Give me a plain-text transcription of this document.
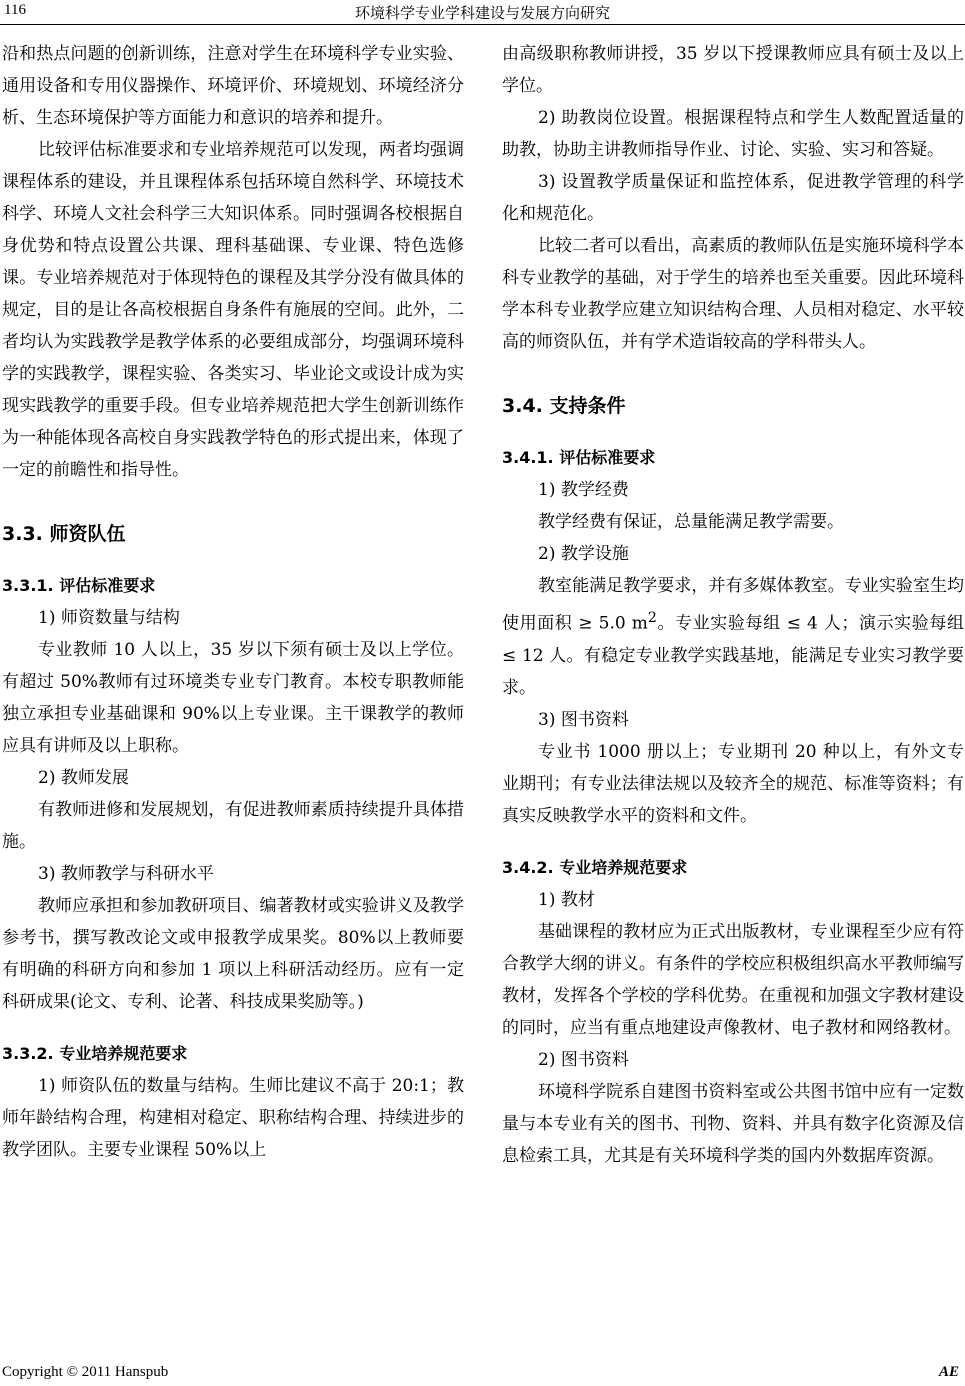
116	环境科学专业学科建设与发展方向研究

沿和热点问题的创新训练，注意对学生在环境科学专业实验、通用设备和专用仪器操作、环境评价、环境规划、环境经济分析、生态环境保护等方面能力和意识的培养和提升。

比较评估标准要求和专业培养规范可以发现，两者均强调课程体系的建设，并且课程体系包括环境自然科学、环境技术科学、环境人文社会科学三大知识体系。同时强调各校根据自身优势和特点设置公共课、理科基础课、专业课、特色选修课。专业培养规范对于体现特色的课程及其学分没有做具体的规定，目的是让各高校根据自身条件有施展的空间。此外，二者均认为实践教学是教学体系的必要组成部分，均强调环境科学的实践教学，课程实验、各类实习、毕业论文或设计成为实现实践教学的重要手段。但专业培养规范把大学生创新训练作为一种能体现各高校自身实践教学特色的形式提出来，体现了一定的前瞻性和指导性。

3.3. 师资队伍
3.3.1. 评估标准要求

1) 师资数量与结构

专业教师 10 人以上，35 岁以下须有硕士及以上学位。有超过 50%教师有过环境类专业专门教育。本校专职教师能独立承担专业基础课和 90%以上专业课。主干课教学的教师应具有讲师及以上职称。

2) 教师发展

有教师进修和发展规划，有促进教师素质持续提升具体措施。

3) 教师教学与科研水平

教师应承担和参加教研项目、编著教材或实验讲义及教学参考书，撰写教改论文或申报教学成果奖。80%以上教师要有明确的科研方向和参加 1 项以上科研活动经历。应有一定科研成果(论文、专利、论著、科技成果奖励等。)

3.3.2. 专业培养规范要求

1) 师资队伍的数量与结构。生师比建议不高于 20:1；教师年龄结构合理，构建相对稳定、职称结构合理、持续进步的教学团队。主要专业课程 50%以上

由高级职称教师讲授，35 岁以下授课教师应具有硕士及以上学位。

2) 助教岗位设置。根据课程特点和学生人数配置适量的助教，协助主讲教师指导作业、讨论、实验、实习和答疑。

3) 设置教学质量保证和监控体系，促进教学管理的科学化和规范化。

比较二者可以看出，高素质的教师队伍是实施环境科学本科专业教学的基础，对于学生的培养也至关重要。因此环境科学本科专业教学应建立知识结构合理、人员相对稳定、水平较高的师资队伍，并有学术造诣较高的学科带头人。

3.4. 支持条件
3.4.1. 评估标准要求

1) 教学经费

教学经费有保证，总量能满足教学需要。

2) 教学设施

教室能满足教学要求，并有多媒体教室。专业实验室生均使用面积 ≥ 5.0 $m^2$。专业实验每组 ≤ 4 人；演示实验每组 ≤ 12 人。有稳定专业教学实践基地，能满足专业实习教学要求。

3) 图书资料

专业书 1000 册以上；专业期刊 20 种以上，有外文专业期刊；有专业法律法规以及较齐全的规范、标准等资料；有真实反映教学水平的资料和文件。

3.4.2. 专业培养规范要求

1) 教材

基础课程的教材应为正式出版教材，专业课程至少应有符合教学大纲的讲义。有条件的学校应积极组织高水平教师编写教材，发挥各个学校的学科优势。在重视和加强文字教材建设的同时，应当有重点地建设声像教材、电子教材和网络教材。

2) 图书资料

环境科学院系自建图书资料室或公共图书馆中应有一定数量与本专业有关的图书、刊物、资料、并具有数字化资源及信息检索工具，尤其是有关环境科学类的国内外数据库资源。

Copyright © 2011 Hanspub	AE
